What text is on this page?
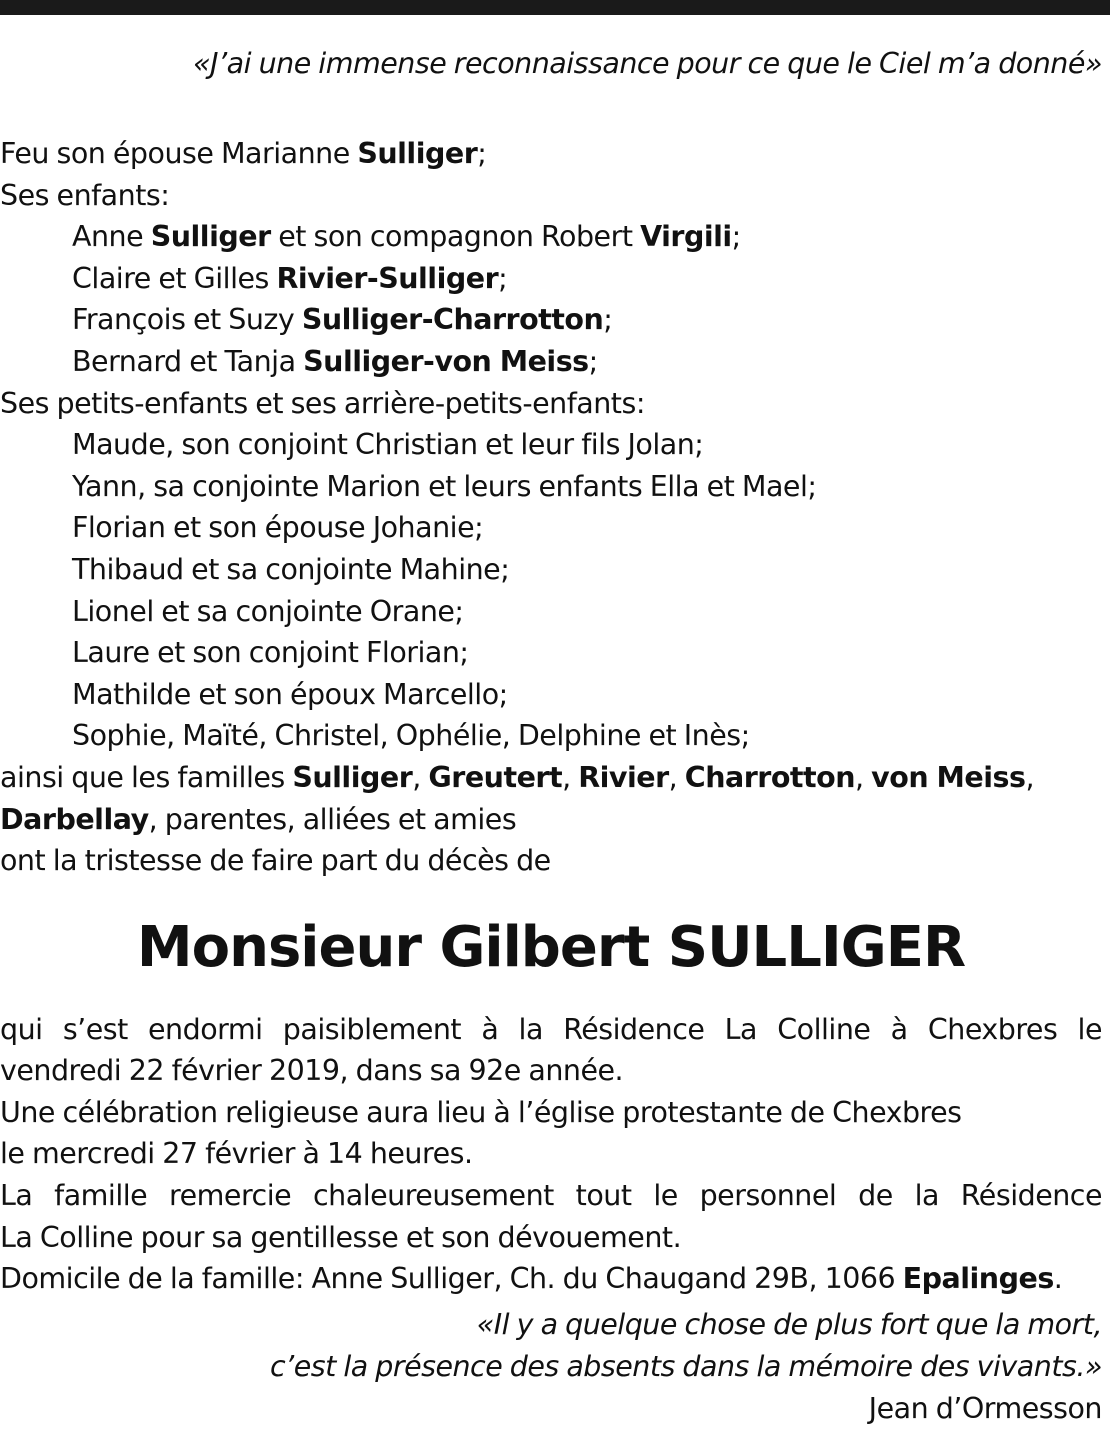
«J’ai une immense reconnaissance pour ce que le Ciel m’a donné»
Feu son épouse Marianne Sulliger;
Ses enfants:
Anne Sulliger et son compagnon Robert Virgili;
Claire et Gilles Rivier-Sulliger;
François et Suzy Sulliger-Charrotton;
Bernard et Tanja Sulliger-von Meiss;
Ses petits-enfants et ses arrière-petits-enfants:
Maude, son conjoint Christian et leur fils Jolan;
Yann, sa conjointe Marion et leurs enfants Ella et Mael;
Florian et son épouse Johanie;
Thibaud et sa conjointe Mahine;
Lionel et sa conjointe Orane;
Laure et son conjoint Florian;
Mathilde et son époux Marcello;
Sophie, Maïté, Christel, Ophélie, Delphine et Inès;
ainsi que les familles Sulliger, Greutert, Rivier, Charrotton, von Meiss,
Darbellay, parentes, alliées et amies
ont la tristesse de faire part du décès de
Monsieur Gilbert SULLIGER
qui s’est endormi paisiblement à la Résidence La Colline à Chexbres le
vendredi 22 février 2019, dans sa 92e année.
Une célébration religieuse aura lieu à l’église protestante de Chexbres
le mercredi 27 février à 14 heures.
La famille remercie chaleureusement tout le personnel de la Résidence
La Colline pour sa gentillesse et son dévouement.
Domicile de la famille: Anne Sulliger, Ch. du Chaugand 29B, 1066 Epalinges.
«Il y a quelque chose de plus fort que la mort,
c’est la présence des absents dans la mémoire des vivants.»
Jean d’Ormesson
